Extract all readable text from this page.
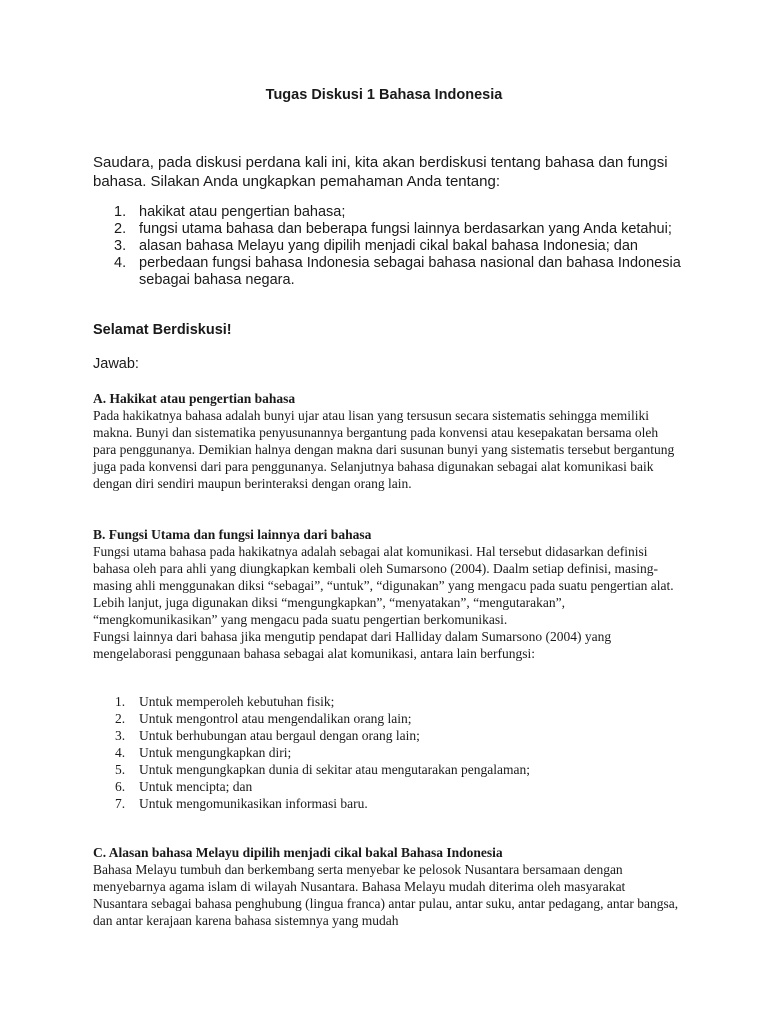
Tugas Diskusi 1 Bahasa Indonesia
Saudara, pada diskusi perdana kali ini, kita akan berdiskusi tentang bahasa dan fungsi bahasa. Silakan Anda ungkapkan pemahaman Anda tentang:
1. hakikat atau pengertian bahasa;
2. fungsi utama bahasa dan beberapa fungsi lainnya berdasarkan yang Anda ketahui;
3. alasan bahasa Melayu yang dipilih menjadi cikal bakal bahasa Indonesia; dan
4. perbedaan fungsi bahasa Indonesia sebagai bahasa nasional dan bahasa Indonesia sebagai bahasa negara.
Selamat Berdiskusi!
Jawab:
A. Hakikat atau pengertian bahasa

Pada hakikatnya bahasa adalah bunyi ujar atau lisan yang tersusun secara sistematis sehingga memiliki makna. Bunyi dan sistematika penyusunannya bergantung pada konvensi atau kesepakatan bersama oleh para penggunanya. Demikian halnya dengan makna dari susunan bunyi yang sistematis tersebut bergantung juga pada konvensi dari para penggunanya. Selanjutnya bahasa digunakan sebagai alat komunikasi baik dengan diri sendiri maupun berinteraksi dengan orang lain.

B. Fungsi Utama dan fungsi lainnya dari bahasa

Fungsi utama bahasa pada hakikatnya adalah sebagai alat komunikasi. Hal tersebut didasarkan definisi bahasa oleh para ahli yang diungkapkan kembali oleh Sumarsono (2004). Daalm setiap definisi, masing-masing ahli menggunakan diksi “sebagai”, “untuk”, “digunakan” yang mengacu pada suatu pengertian alat. Lebih lanjut, juga digunakan diksi “mengungkapkan”, “menyatakan”, “mengutarakan”, “mengkomunikasikan” yang mengacu pada suatu pengertian berkomunikasi.

Fungsi lainnya dari bahasa jika mengutip pendapat dari Halliday dalam Sumarsono (2004) yang mengelaborasi penggunaan bahasa sebagai alat komunikasi, antara lain berfungsi:

1.	Untuk memperoleh kebutuhan fisik;
2.	Untuk mengontrol atau mengendalikan orang lain;
3.	Untuk berhubungan atau bergaul dengan orang lain;
4.	Untuk mengungkapkan diri;
5.	Untuk mengungkapkan dunia di sekitar atau mengutarakan pengalaman;
6.	Untuk mencipta; dan
7.	Untuk mengomunikasikan informasi baru.
C. Alasan bahasa Melayu dipilih menjadi cikal bakal Bahasa Indonesia

Bahasa Melayu tumbuh dan berkembang serta menyebar ke pelosok Nusantara bersamaan dengan menyebarnya agama islam di wilayah Nusantara. Bahasa Melayu mudah diterima oleh masyarakat Nusantara sebagai bahasa penghubung (lingua franca) antar pulau, antar suku, antar pedagang, antar bangsa, dan antar kerajaan karena bahasa sistemnya yang mudah
